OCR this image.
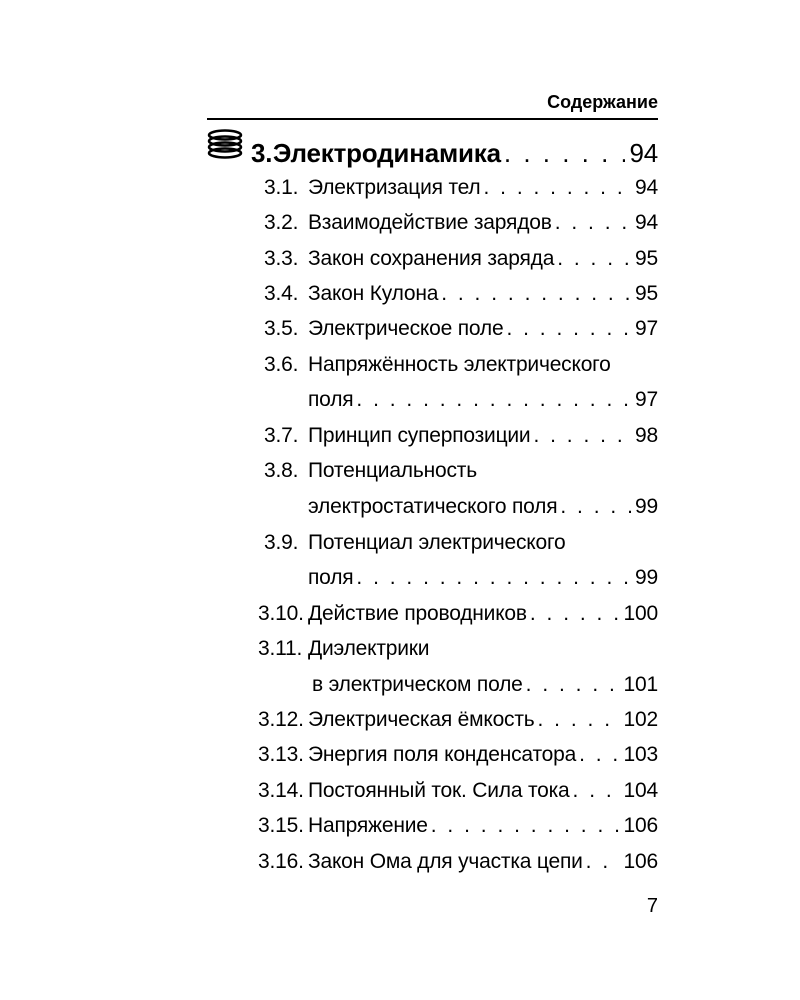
Содержание
3. Электродинамика . . .	94
3.1. Электризация тел . . .	94
3.2. Взаимодействие зарядов . . .	94
3.3. Закон сохранения заряда . . .	95
3.4. Закон Кулона . . .	95
3.5. Электрическое поле . . .	97
3.6. Напряжённость электрического
поля . . .	97
3.7. Принцип суперпозиции . . .	98
3.8. Потенциальность
электростатического поля . . .	99
3.9. Потенциал электрического
поля . . .	99
3.10. Действие проводников . . .	100
3.11. Диэлектрики
в электрическом поле . . .	101
3.12. Электрическая ёмкость . . .	102
3.13. Энергия поля конденсатора . . . 103
3.14. Постоянный ток. Сила тока . . .	104
3.15. Напряжение . . .	106
3.16. Закон Ома для участка цепи . . . 106
7
